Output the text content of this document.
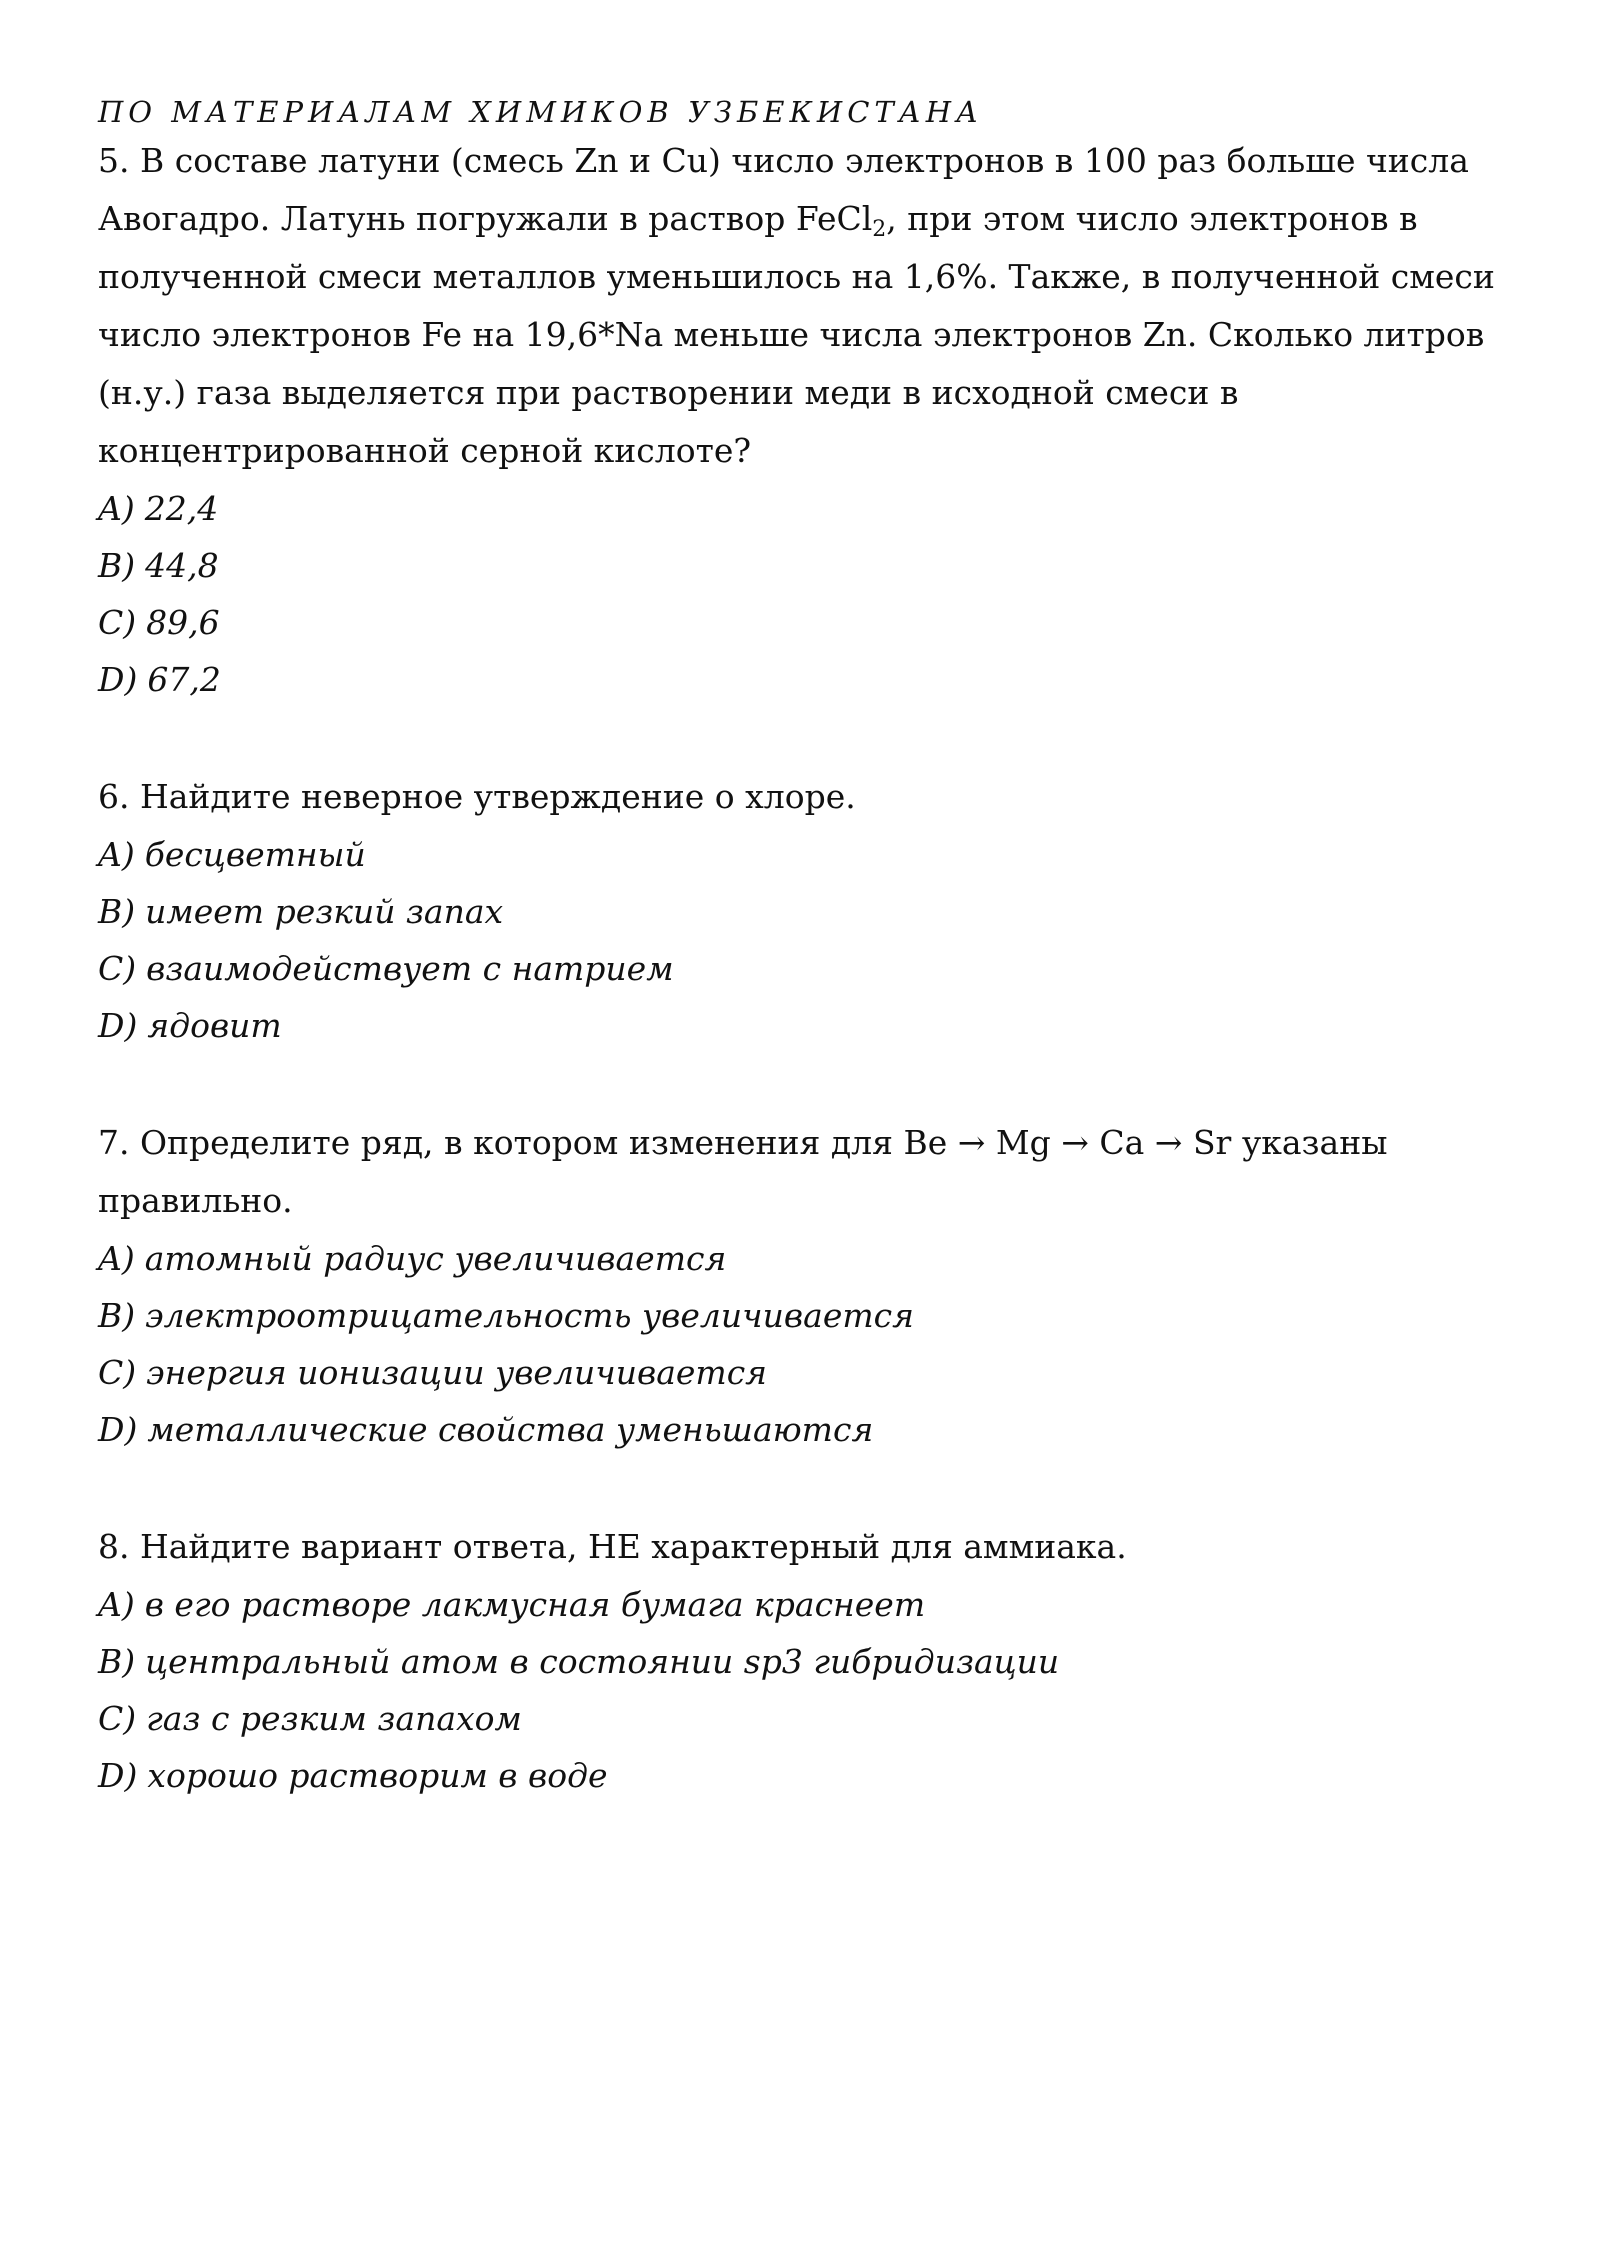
ПО МАТЕРИАЛАМ ХИМИКОВ УЗБЕКИСТАНА

5. В составе латуни (смесь Zn и Cu) число электронов в 100 раз больше числа Авогадро. Латунь погружали в раствор FeCl$_2$, при этом число электронов в полученной смеси металлов уменьшилось на 1,6%. Также, в полученной смеси число электронов Fe на 19,6*Na меньше числа электронов Zn. Сколько литров (н.у.) газа выделяется при растворении меди в исходной смеси в концентрированной серной кислоте?

A) 22,4
B) 44,8
C) 89,6
D) 67,2

6. Найдите неверное утверждение о хлоре.

A) бесцветный
B) имеет резкий запах
C) взаимодействует с натрием
D) ядовит

7. Определите ряд, в котором изменения для Be → Mg → Ca → Sr указаны правильно.

A) атомный радиус увеличивается
B) электроотрицательность увеличивается
C) энергия ионизации увеличивается
D) металлические свойства уменьшаются

8. Найдите вариант ответа, НЕ характерный для аммиака.

A) в его растворе лакмусная бумага краснеет
B) центральный атом в состоянии sp3 гибридизации
C) газ с резким запахом
D) хорошо растворим в воде
